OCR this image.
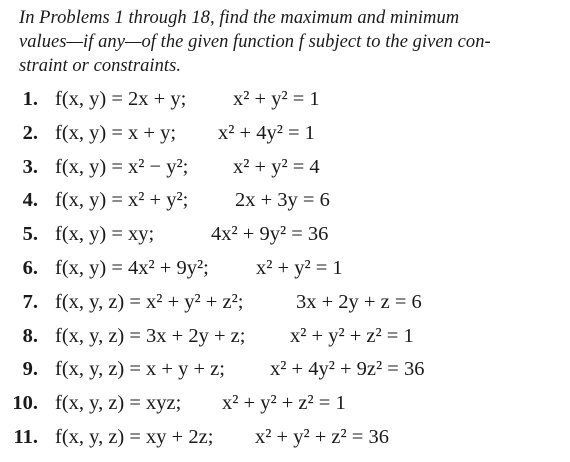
In Problems 1 through 18, find the maximum and minimum
values—if any—of the given function f subject to the given con-
straint or constraints.
1. f(x, y) = 2x + y; x² + y² = 1
2. f(x, y) = x + y; x² + 4y² = 1
3. f(x, y) = x² − y²; x² + y² = 4
4. f(x, y) = x² + y²; 2x + 3y = 6
5. f(x, y) = xy;	4x² + 9y² = 36
6. f(x, y) = 4x² + 9y²; x² + y² = 1
7. f(x, y, z) = x² + y² + z²;	3x + 2y + z = 6
8. f(x, y, z) = 3x + 2y + z; x² + y² + z² = 1
9. f(x, y, z) = x + y + z; x² + 4y² + 9z² = 36
10. f(x, y, z) = xyz; x² + y² + z² = 1
11. f(x, y, z) = xy + 2z; x² + y² + z² = 36
